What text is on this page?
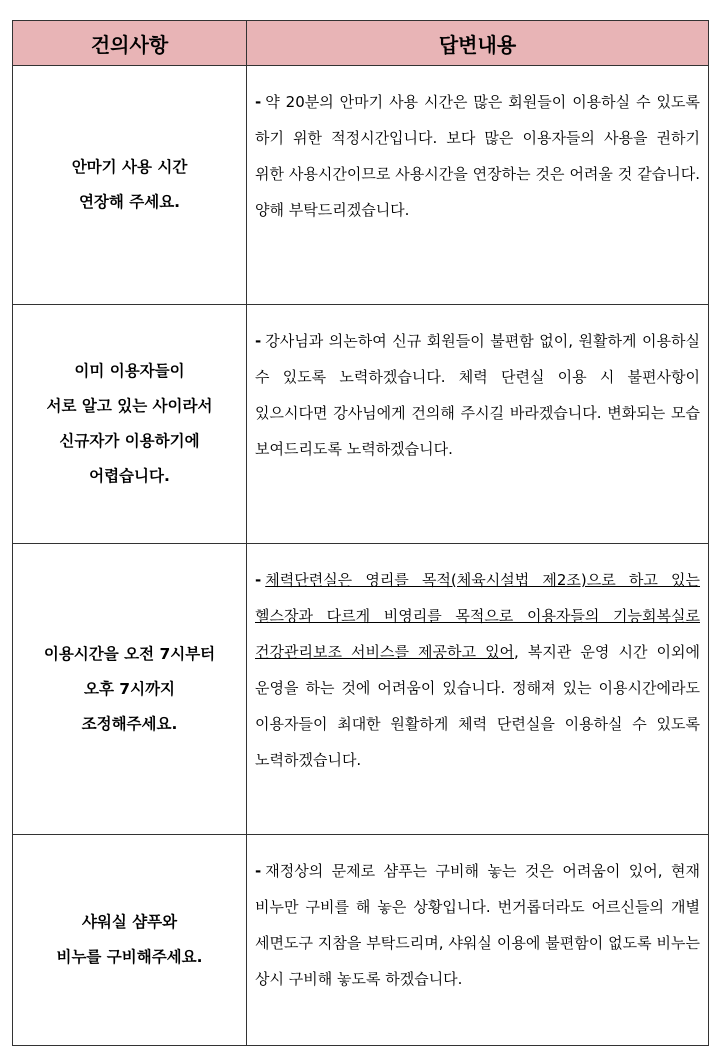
건의사항	답변내용

안마기 사용 시간
연장해 주세요.	- 약 20분의 안마기 사용 시간은 많은 회원들이 이용하실 수 있도록 하기 위한 적정시간입니다. 보다 많은 이용자들의 사용을 권하기 위한 사용시간이므로 사용시간을 연장하는 것은 어려울 것 같습니다. 양해 부탁드리겠습니다.

이미 이용자들이
서로 알고 있는 사이라서
신규자가 이용하기에
어렵습니다.	- 강사님과 의논하여 신규 회원들이 불편함 없이, 원활하게 이용하실 수 있도록 노력하겠습니다. 체력 단련실 이용 시 불편사항이 있으시다면 강사님에게 건의해 주시길 바라겠습니다. 변화되는 모습 보여드리도록 노력하겠습니다.

이용시간을 오전 7시부터
오후 7시까지
조정해주세요.	- 체력단련실은 영리를 목적(체육시설법 제2조)으로 하고 있는 헬스장과 다르게 비영리를 목적으로 이용자들의 기능회복실로 건강관리보조 서비스를 제공하고 있어, 복지관 운영 시간 이외에 운영을 하는 것에 어려움이 있습니다. 정해져 있는 이용시간에라도 이용자들이 최대한 원활하게 체력 단련실을 이용하실 수 있도록 노력하겠습니다.

샤워실 샴푸와
비누를 구비해주세요.	- 재정상의 문제로 샴푸는 구비해 놓는 것은 어려움이 있어, 현재 비누만 구비를 해 놓은 상황입니다. 번거롭더라도 어르신들의 개별 세면도구 지참을 부탁드리며, 샤워실 이용에 불편함이 없도록 비누는 상시 구비해 놓도록 하겠습니다.
